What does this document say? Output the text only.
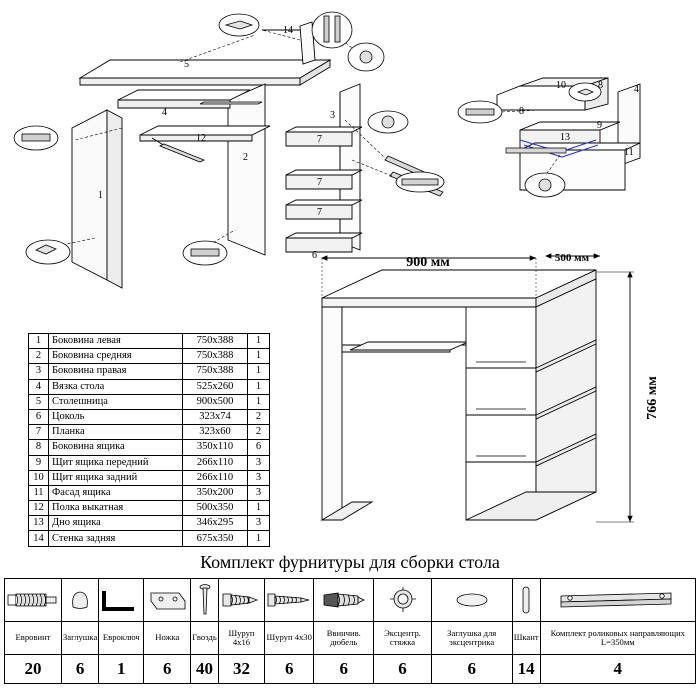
1
2
3
4
5
6
7
7
7
12
14
8
10	8	4
9
13
11
1	Боковина левая	750х388	1
2	Боковина средняя	750х388	1
3	Боковина правая	750х388	1
4	Вязка стола	525х260	1
5	Столешница	900х500	1
6	Цоколь	323х74	2
7	Планка	323х60	2
8	Боковина ящика	350х110	6
9	Щит ящика передний	266х110	3
10	Щит ящика задний	266х110	3
11	Фасад ящика	350х200	3
12	Полка выкатная	500х350	1
13	Дно ящика	346х295	3
14	Стенка задняя	675х350	1
900 мм	500 мм
766 мм
Комплект фурнитуры для сборки стола

Евровинт	Заглушка	Евроключ	Ножка	Гвоздь	Шуруп 4х16	Шуруп 4х30	Ввинчив. дюбель	Эксцентр. стяжка	Заглушка для эксцентрика	Шкант	Комплект роликовых направляющих L=350мм
20	6	1	6	40	32	6	6	6	6	14	4
